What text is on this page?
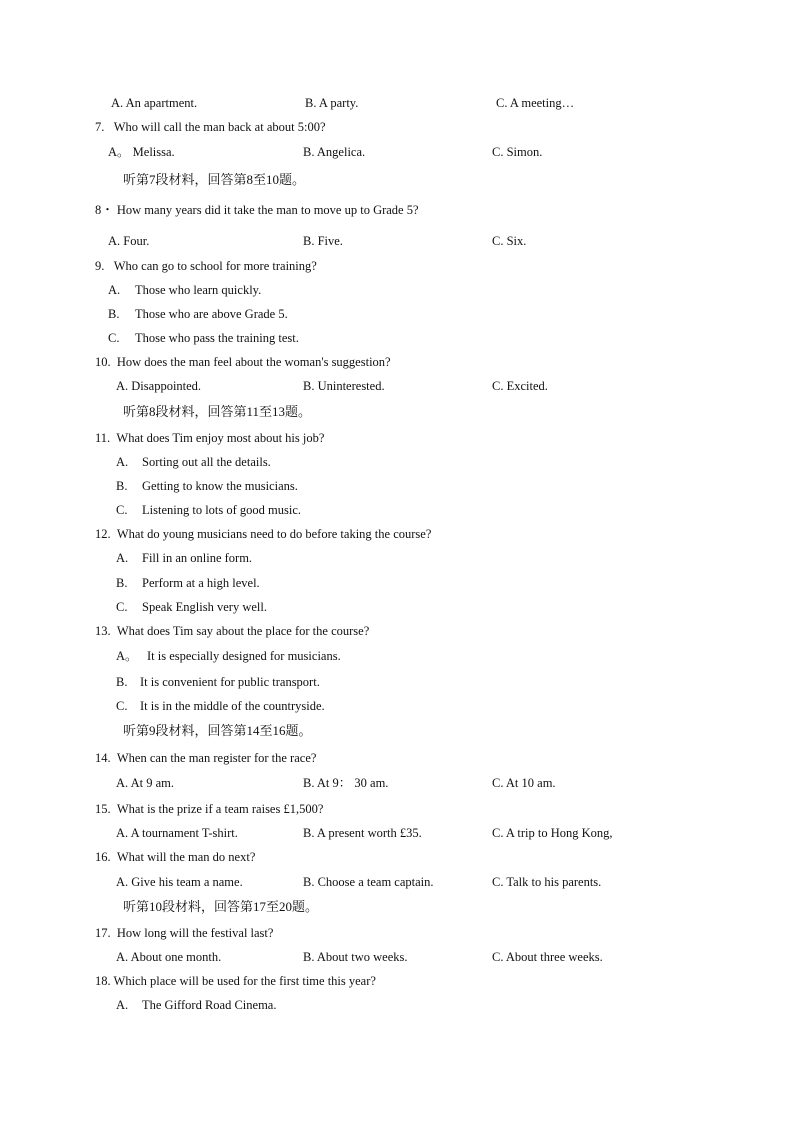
A. An apartment.	B. A party.	C. A meeting…
7.   Who will call the man back at about 5:00?
A。 Melissa.	B. Angelica.	C. Simon.
听第7段材料，回答第8至10题。
8・ How many years did it take the man to move up to Grade 5?
A. Four.	B. Five.	C. Six.
9.   Who can go to school for more training?
A. Those who learn quickly.
B. Those who are above Grade 5.
C. Those who pass the training test.
10.  How does the man feel about the woman's suggestion?
A. Disappointed.	B. Uninterested.	C. Excited.
听第8段材料，回答第11至13题。
11.  What does Tim enjoy most about his job?
A. Sorting out all the details.
B. Getting to know the musicians.
C. Listening to lots of good music.
12.  What do young musicians need to do before taking the course?
A. Fill in an online form.
B. Perform at a high level.
C. Speak English very well.
13.  What does Tim say about the place for the course?
A。 It is especially designed for musicians.
B. It is convenient for public transport.
C. It is in the middle of the countryside.
听第9段材料，回答第14至16题。
14.  When can the man register for the race?
A. At 9 am.	B. At 9： 30 am.	C. At 10 am.
15.  What is the prize if a team raises £1,500?
A. A tournament T-shirt.	B. A present worth £35.	C. A trip to Hong Kong,
16.  What will the man do next?
A. Give his team a name.	B. Choose a team captain.	C. Talk to his parents.
听第10段材料，回答第17至20题。
17.  How long will the festival last?
A. About one month.	B. About two weeks.	C. About three weeks.
18. Which place will be used for the first time this year?
A. The Gifford Road Cinema.
